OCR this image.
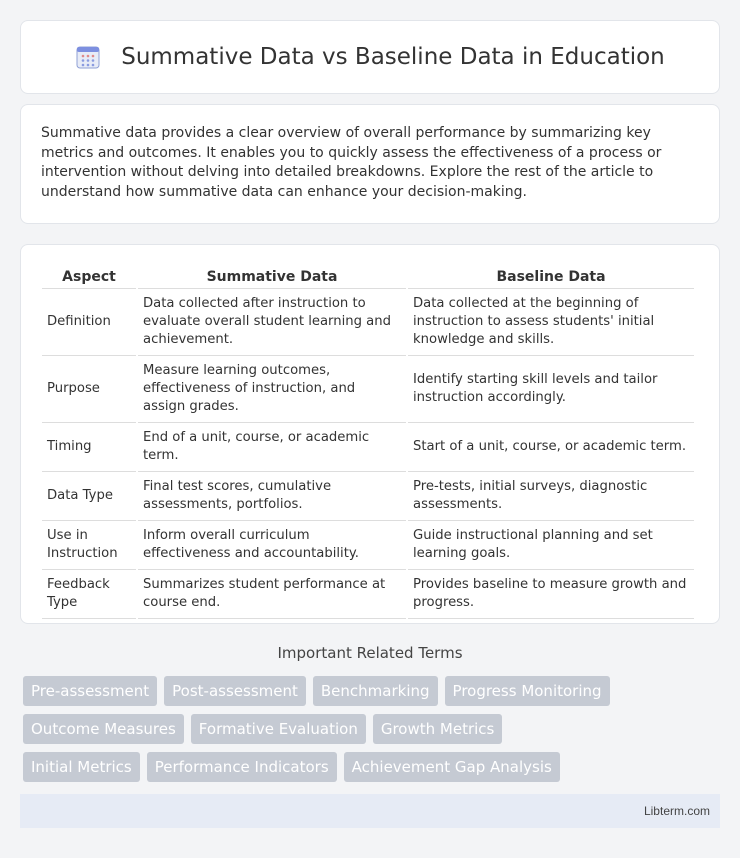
Summative Data vs Baseline Data in Education

Summative data provides a clear overview of overall performance by summarizing key metrics and outcomes. It enables you to quickly assess the effectiveness of a process or intervention without delving into detailed breakdowns. Explore the rest of the article to understand how summative data can enhance your decision-making.

Aspect	Summative Data	Baseline Data
Definition	Data collected after instruction to evaluate overall student learning and achievement.	Data collected at the beginning of instruction to assess students' initial knowledge and skills.
Purpose	Measure learning outcomes, effectiveness of instruction, and assign grades.	Identify starting skill levels and tailor instruction accordingly.
Timing	End of a unit, course, or academic term.	Start of a unit, course, or academic term.
Data Type	Final test scores, cumulative assessments, portfolios.	Pre-tests, initial surveys, diagnostic assessments.
Use in Instruction	Inform overall curriculum effectiveness and accountability.	Guide instructional planning and set learning goals.
Feedback Type	Summarizes student performance at course end.	Provides baseline to measure growth and progress.
Important Related Terms
Pre-assessment	Post-assessment	Benchmarking	Progress Monitoring
Outcome Measures	Formative Evaluation	Growth Metrics
Initial Metrics	Performance Indicators	Achievement Gap Analysis
Libterm.com
